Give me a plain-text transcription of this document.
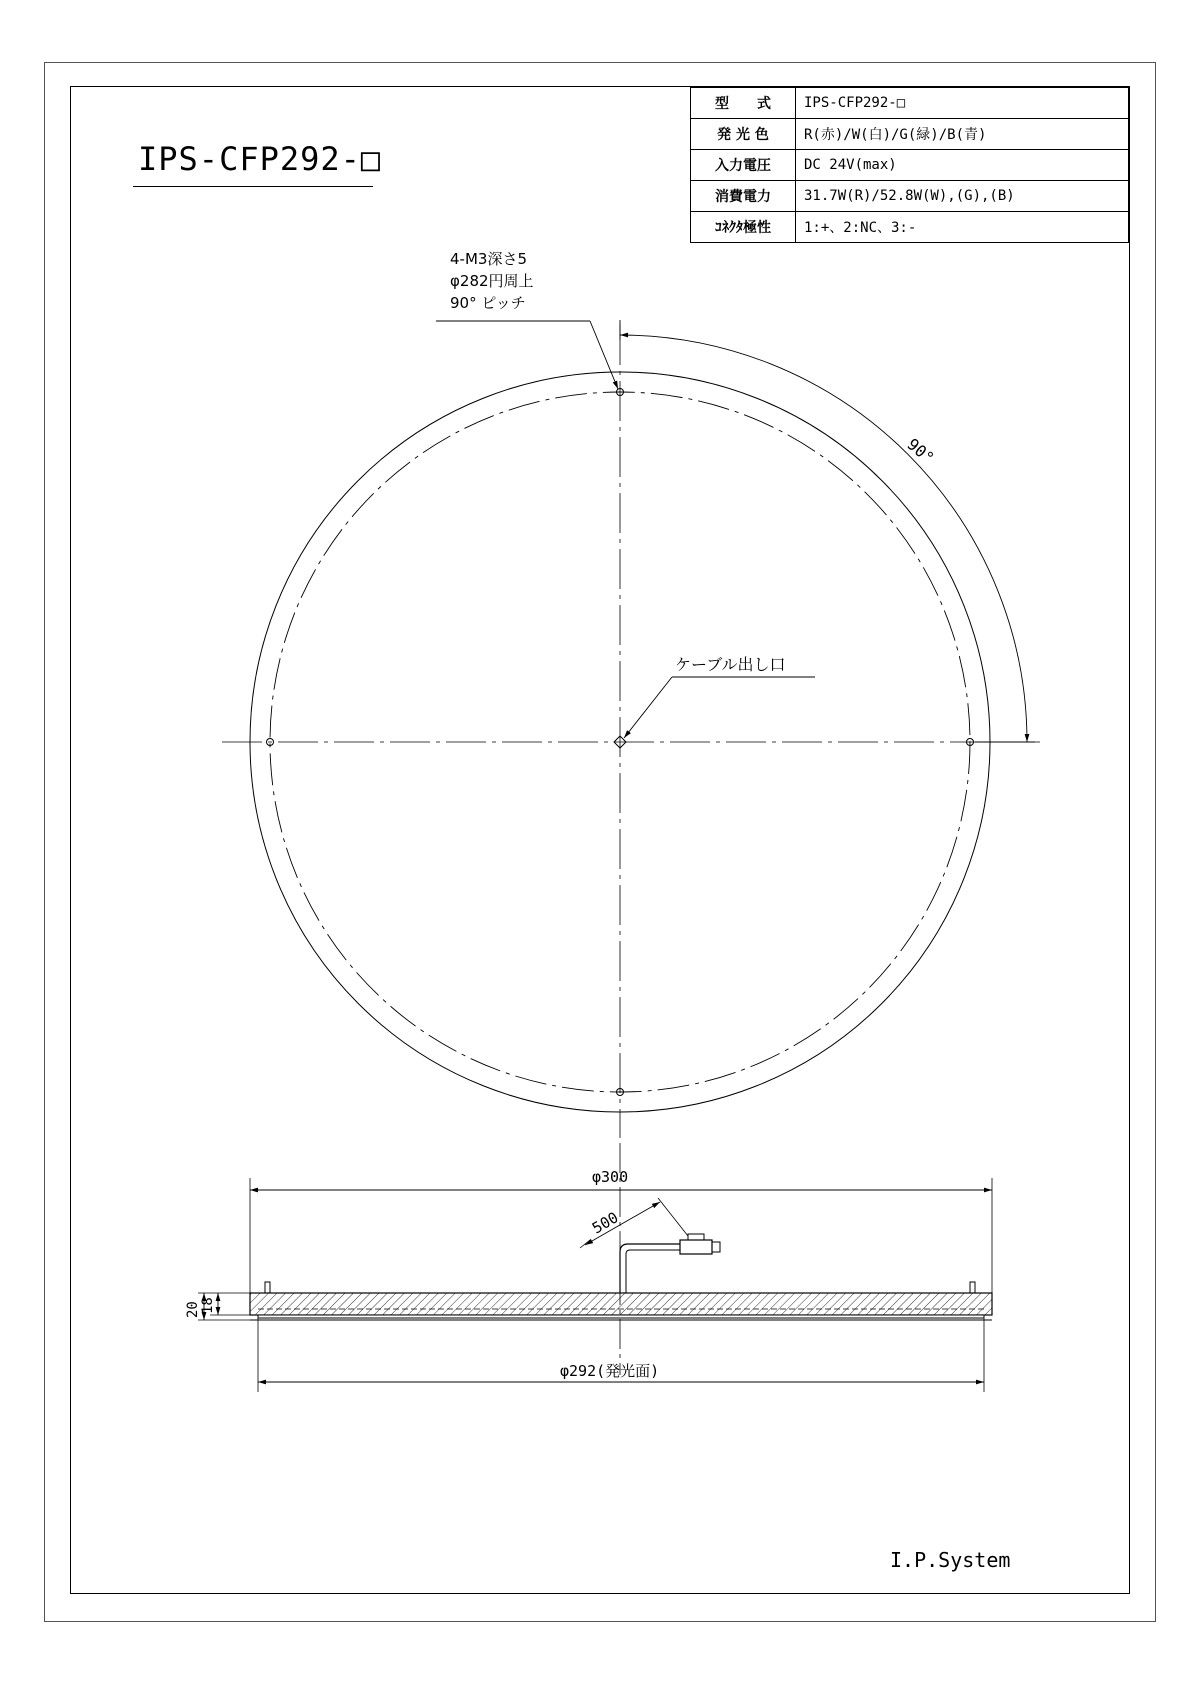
IPS-CFP292-□
型　　式	IPS-CFP292-□
発 光 色	R(赤)/W(白)/G(緑)/B(青)
入力電圧	DC 24V(max)
消費電力	31.7W(R)/52.8W(W),(G),(B)
ｺﾈｸﾀ極性	1:+、2:NC、3:-
90°
φ300
500
20 18
φ292(発光面)
4-M3深さ5
φ282円周上
90° ピッチ
ケーブル出し口
I.P.System
